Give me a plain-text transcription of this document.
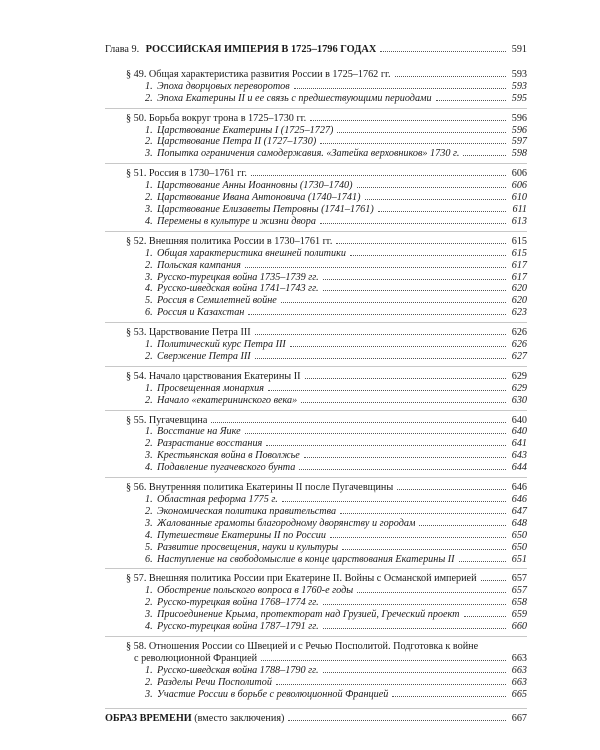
Глава 9. РОССИЙСКАЯ ИМПЕРИЯ В 1725–1796 ГОДАХ	591
§ 49. Общая характеристика развития России в 1725–1762 гг.	593
1. Эпоха дворцовых переворотов	593
2. Эпоха Екатерины II и ее связь с предшествующими периодами	595
§ 50. Борьба вокруг трона в 1725–1730 гг.	596
1. Царствование Екатерины I (1725–1727)	596
2. Царствование Петра II (1727–1730)	597
3. Попытка ограничения самодержавия. «Затейка верховников» 1730 г.	598
§ 51. Россия в 1730–1761 гг.	606
1. Царствование Анны Иоанновны (1730–1740)	606
2. Царствование Ивана Антоновича (1740–1741)	610
3. Царствование Елизаветы Петровны (1741–1761)	611
4. Перемены в культуре и жизни двора	613
§ 52. Внешняя политика России в 1730–1761 гг.	615
1. Общая характеристика внешней политики	615
2. Польская кампания	617
3. Русско-турецкая война 1735–1739 гг.	617
4. Русско-шведская война 1741–1743 гг.	620
5. Россия в Семилетней войне	620
6. Россия и Казахстан	623
§ 53. Царствование Петра III	626
1. Политический курс Петра III	626
2. Свержение Петра III	627
§ 54. Начало царствования Екатерины II	629
1. Просвещенная монархия	629
2. Начало «екатерининского века»	630
§ 55. Пугачевщина	640
1. Восстание на Яике	640
2. Разрастание восстания	641
3. Крестьянская война в Поволжье	643
4. Подавление пугачевского бунта	644
§ 56. Внутренняя политика Екатерины II после Пугачевщины	646
1. Областная реформа 1775 г.	646
2. Экономическая политика правительства	647
3. Жалованные грамоты благородному дворянству и городам	648
4. Путешествие Екатерины II по России	650
5. Развитие просвещения, науки и культуры	650
6. Наступление на свободомыслие в конце царствования Екатерины II	651
§ 57. Внешняя политика России при Екатерине II. Войны с Османской империей	657
1. Обострение польского вопроса в 1760-е годы	657
2. Русско-турецкая война 1768–1774 гг.	658
3. Присоединение Крыма, протекторат над Грузией, Греческий проект	659
4. Русско-турецкая война 1787–1791 гг.	660
§ 58. Отношения России со Швецией и с Речью Посполитой. Подготовка к войне
с революционной Францией	663
1. Русско-шведская война 1788–1790 гг.	663
2. Разделы Речи Посполитой	663
3. Участие России в борьбе с революционной Францией	665
ОБРАЗ ВРЕМЕНИ (вместо заключения)	667
